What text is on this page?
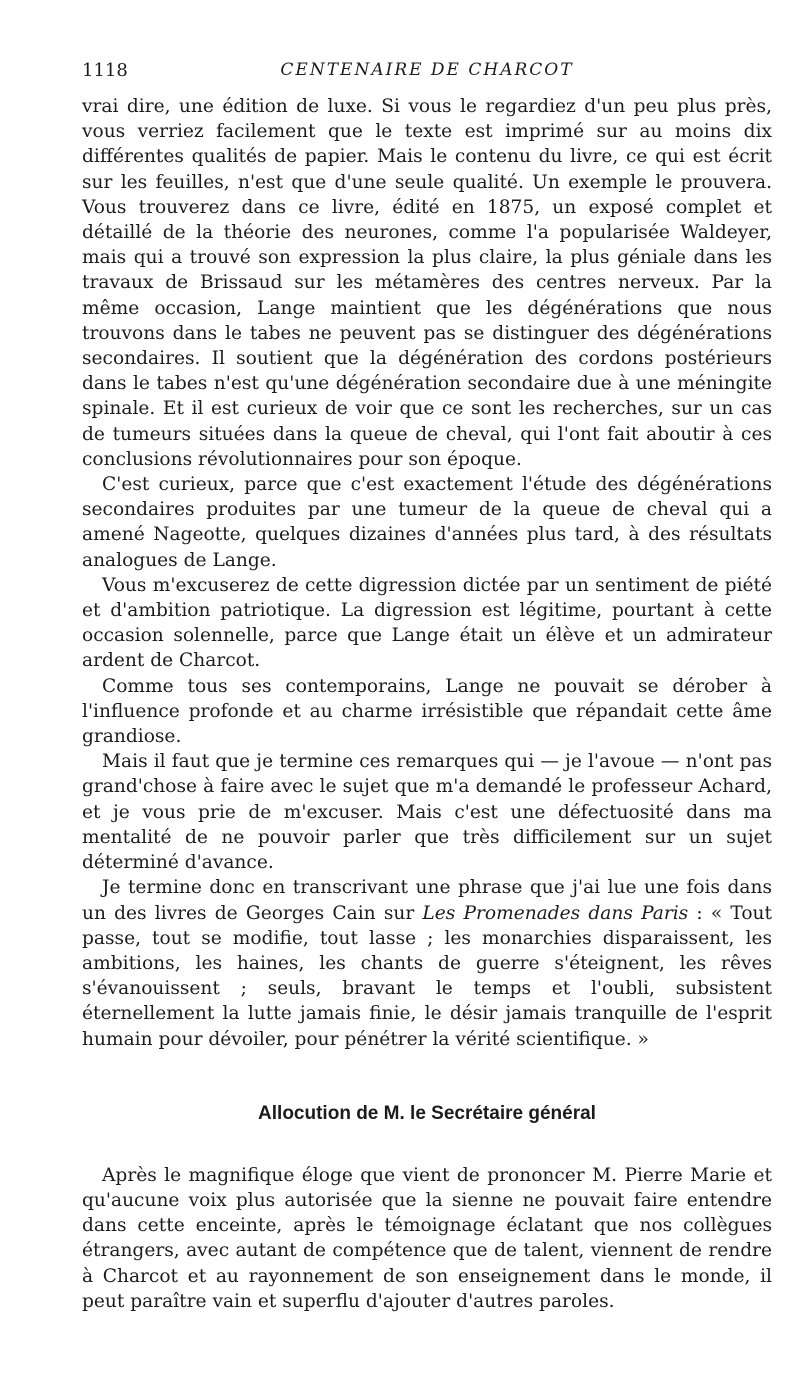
1118	CENTENAIRE DE CHARCOT

vrai dire, une édition de luxe. Si vous le regardiez d'un peu plus près, vous verriez facilement que le texte est imprimé sur au moins dix différentes qualités de papier. Mais le contenu du livre, ce qui est écrit sur les feuilles, n'est que d'une seule qualité. Un exemple le prouvera. Vous trouverez dans ce livre, édité en 1875, un exposé complet et détaillé de la théorie des neurones, comme l'a popularisée Waldeyer, mais qui a trouvé son expression la plus claire, la plus géniale dans les travaux de Brissaud sur les métamères des centres nerveux. Par la même occasion, Lange maintient que les dégénérations que nous trouvons dans le tabes ne peuvent pas se distinguer des dégénérations secondaires. Il soutient que la dégénération des cordons postérieurs dans le tabes n'est qu'une dégénération secondaire due à une méningite spinale. Et il est curieux de voir que ce sont les recherches, sur un cas de tumeurs situées dans la queue de cheval, qui l'ont fait aboutir à ces conclusions révolutionnaires pour son époque.

C'est curieux, parce que c'est exactement l'étude des dégénérations secondaires produites par une tumeur de la queue de cheval qui a amené Nageotte, quelques dizaines d'années plus tard, à des résultats analogues de Lange.

Vous m'excuserez de cette digression dictée par un sentiment de piété et d'ambition patriotique. La digression est légitime, pourtant à cette occasion solennelle, parce que Lange était un élève et un admirateur ardent de Charcot.

Comme tous ses contemporains, Lange ne pouvait se dérober à l'influence profonde et au charme irrésistible que répandait cette âme grandiose.

Mais il faut que je termine ces remarques qui — je l'avoue — n'ont pas grand'chose à faire avec le sujet que m'a demandé le professeur Achard, et je vous prie de m'excuser. Mais c'est une défectuosité dans ma mentalité de ne pouvoir parler que très difficilement sur un sujet déterminé d'avance.

Je termine donc en transcrivant une phrase que j'ai lue une fois dans un des livres de Georges Cain sur Les Promenades dans Paris : « Tout passe, tout se modifie, tout lasse ; les monarchies disparaissent, les ambitions, les haines, les chants de guerre s'éteignent, les rêves s'évanouissent ; seuls, bravant le temps et l'oubli, subsistent éternellement la lutte jamais finie, le désir jamais tranquille de l'esprit humain pour dévoiler, pour pénétrer la vérité scientifique. »

Allocution de M. le Secrétaire général

Après le magnifique éloge que vient de prononcer M. Pierre Marie et qu'aucune voix plus autorisée que la sienne ne pouvait faire entendre dans cette enceinte, après le témoignage éclatant que nos collègues étrangers, avec autant de compétence que de talent, viennent de rendre à Charcot et au rayonnement de son enseignement dans le monde, il peut paraître vain et superflu d'ajouter d'autres paroles.
